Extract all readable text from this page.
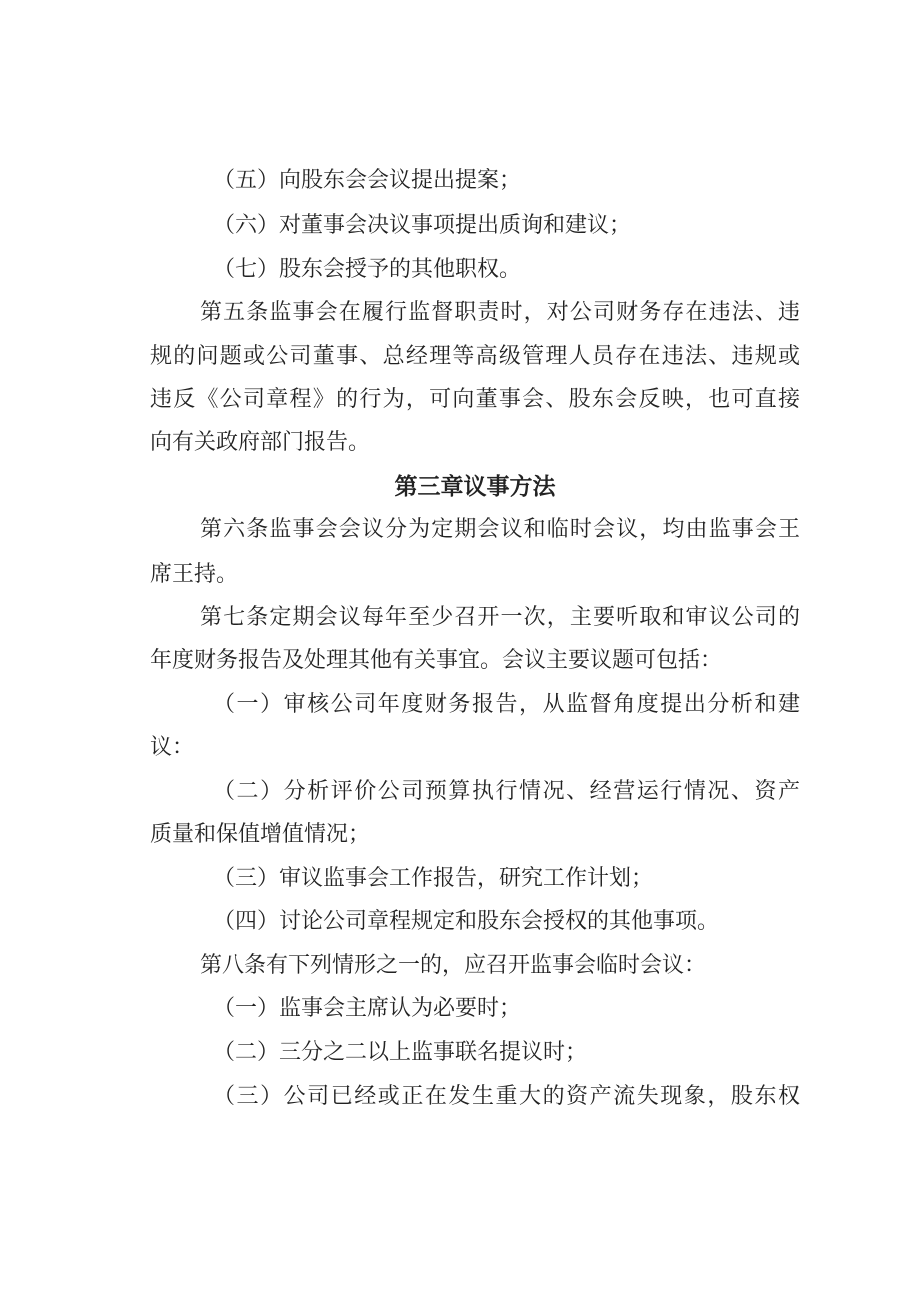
（五）向股东会会议提出提案；

（六）对董事会决议事项提出质询和建议；

（七）股东会授予的其他职权。

第五条监事会在履行监督职责时，对公司财务存在违法、违

规的问题或公司董事、总经理等高级管理人员存在违法、违规或

违反《公司章程》的行为，可向董事会、股东会反映，也可直接

向有关政府部门报告。

第三章议事方法

第六条监事会会议分为定期会议和临时会议，均由监事会王

席王持。

第七条定期会议每年至少召开一次，主要听取和审议公司的

年度财务报告及处理其他有关事宜。会议主要议题可包括：

（一）审核公司年度财务报告，从监督角度提出分析和建

议：

（二）分析评价公司预算执行情况、经营运行情况、资产

质量和保值增值情况；

（三）审议监事会工作报告，研究工作计划；

（四）讨论公司章程规定和股东会授权的其他事项。

第八条有下列情形之一的，应召开监事会临时会议：

（一）监事会主席认为必要时；

（二）三分之二以上监事联名提议时；

（三）公司已经或正在发生重大的资产流失现象，股东权
